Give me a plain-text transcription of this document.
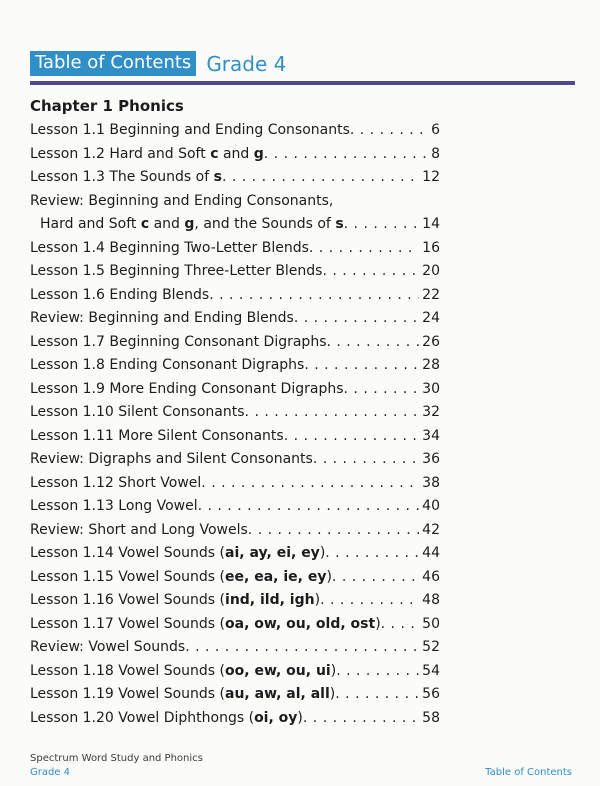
Table of Contents Grade 4
Chapter 1 Phonics
Lesson 1.1 Beginning and Ending Consonants . . .	6
Lesson 1.2 Hard and Soft c and g . . .	8
Lesson 1.3 The Sounds of s . . .	12
Review: Beginning and Ending Consonants,
Hard and Soft c and g, and the Sounds of s . . .	14
Lesson 1.4 Beginning Two-Letter Blends . . .	16
Lesson 1.5 Beginning Three-Letter Blends . . .	20
Lesson 1.6 Ending Blends . . .	22
Review: Beginning and Ending Blends . . .	24
Lesson 1.7 Beginning Consonant Digraphs . . .	26
Lesson 1.8 Ending Consonant Digraphs . . .	28
Lesson 1.9 More Ending Consonant Digraphs . . .	30
Lesson 1.10 Silent Consonants . . .	32
Lesson 1.11 More Silent Consonants . . .	34
Review: Digraphs and Silent Consonants . . .	36
Lesson 1.12 Short Vowel . . .	38
Lesson 1.13 Long Vowel . . .	40
Review: Short and Long Vowels . . .	42
Lesson 1.14 Vowel Sounds (ai, ay, ei, ey) . . .	44
Lesson 1.15 Vowel Sounds (ee, ea, ie, ey) . . .	46
Lesson 1.16 Vowel Sounds (ind, ild, igh) . . .	48
Lesson 1.17 Vowel Sounds (oa, ow, ou, old, ost) . . .	50
Review: Vowel Sounds . . .	52
Lesson 1.18 Vowel Sounds (oo, ew, ou, ui) . . .	54
Lesson 1.19 Vowel Sounds (au, aw, al, all) . . .	56
Lesson 1.20 Vowel Diphthongs (oi, oy) . . .	58
Spectrum Word Study and Phonics
Grade 4	Table of Contents
